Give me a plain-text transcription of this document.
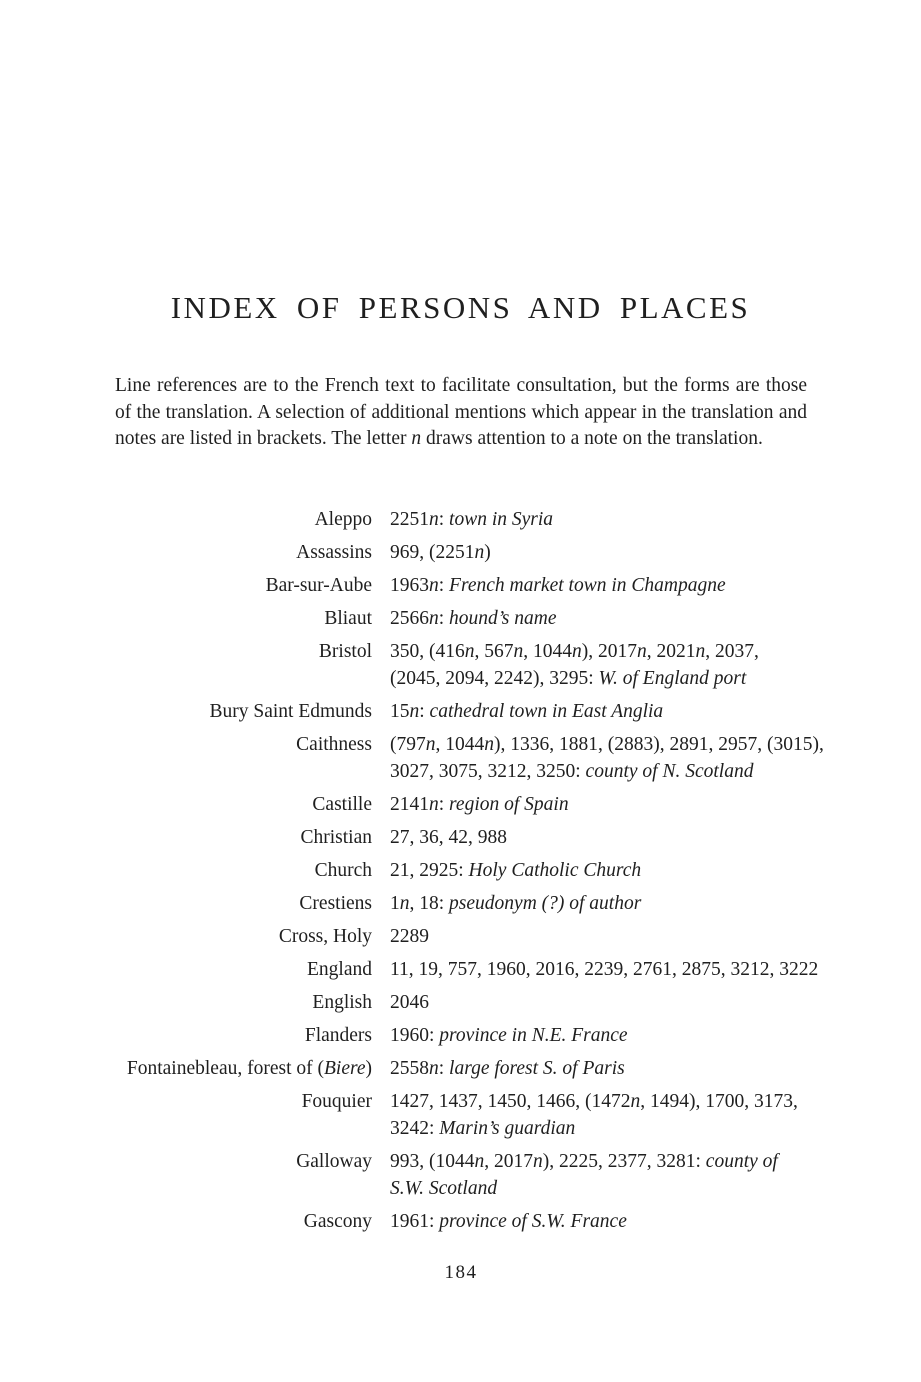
INDEX OF PERSONS AND PLACES
Line references are to the French text to facilitate consultation, but the forms are those of the translation. A selection of additional mentions which appear in the translation and notes are listed in brackets. The letter n draws attention to a note on the translation.
Aleppo 2251n: town in Syria
Assassins 969, (2251n)
Bar-sur-Aube 1963n: French market town in Champagne
Bliaut 2566n: hound’s name
Bristol 350, (416n, 567n, 1044n), 2017n, 2021n, 2037,
(2045, 2094, 2242), 3295: W. of England port
Bury Saint Edmunds 15n: cathedral town in East Anglia
Caithness (797n, 1044n), 1336, 1881, (2883), 2891, 2957, (3015),
3027, 3075, 3212, 3250: county of N. Scotland
Castille 2141n: region of Spain
Christian 27, 36, 42, 988
Church 21, 2925: Holy Catholic Church
Crestiens 1n, 18: pseudonym (?) of author
Cross, Holy 2289
England 11, 19, 757, 1960, 2016, 2239, 2761, 2875, 3212, 3222
English 2046
Flanders 1960: province in N.E. France
Fontainebleau, forest of (Biere) 2558n: large forest S. of Paris
Fouquier 1427, 1437, 1450, 1466, (1472n, 1494), 1700, 3173,
3242: Marin’s guardian
Galloway 993, (1044n, 2017n), 2225, 2377, 3281: county of
S.W. Scotland
Gascony 1961: province of S.W. France
184
